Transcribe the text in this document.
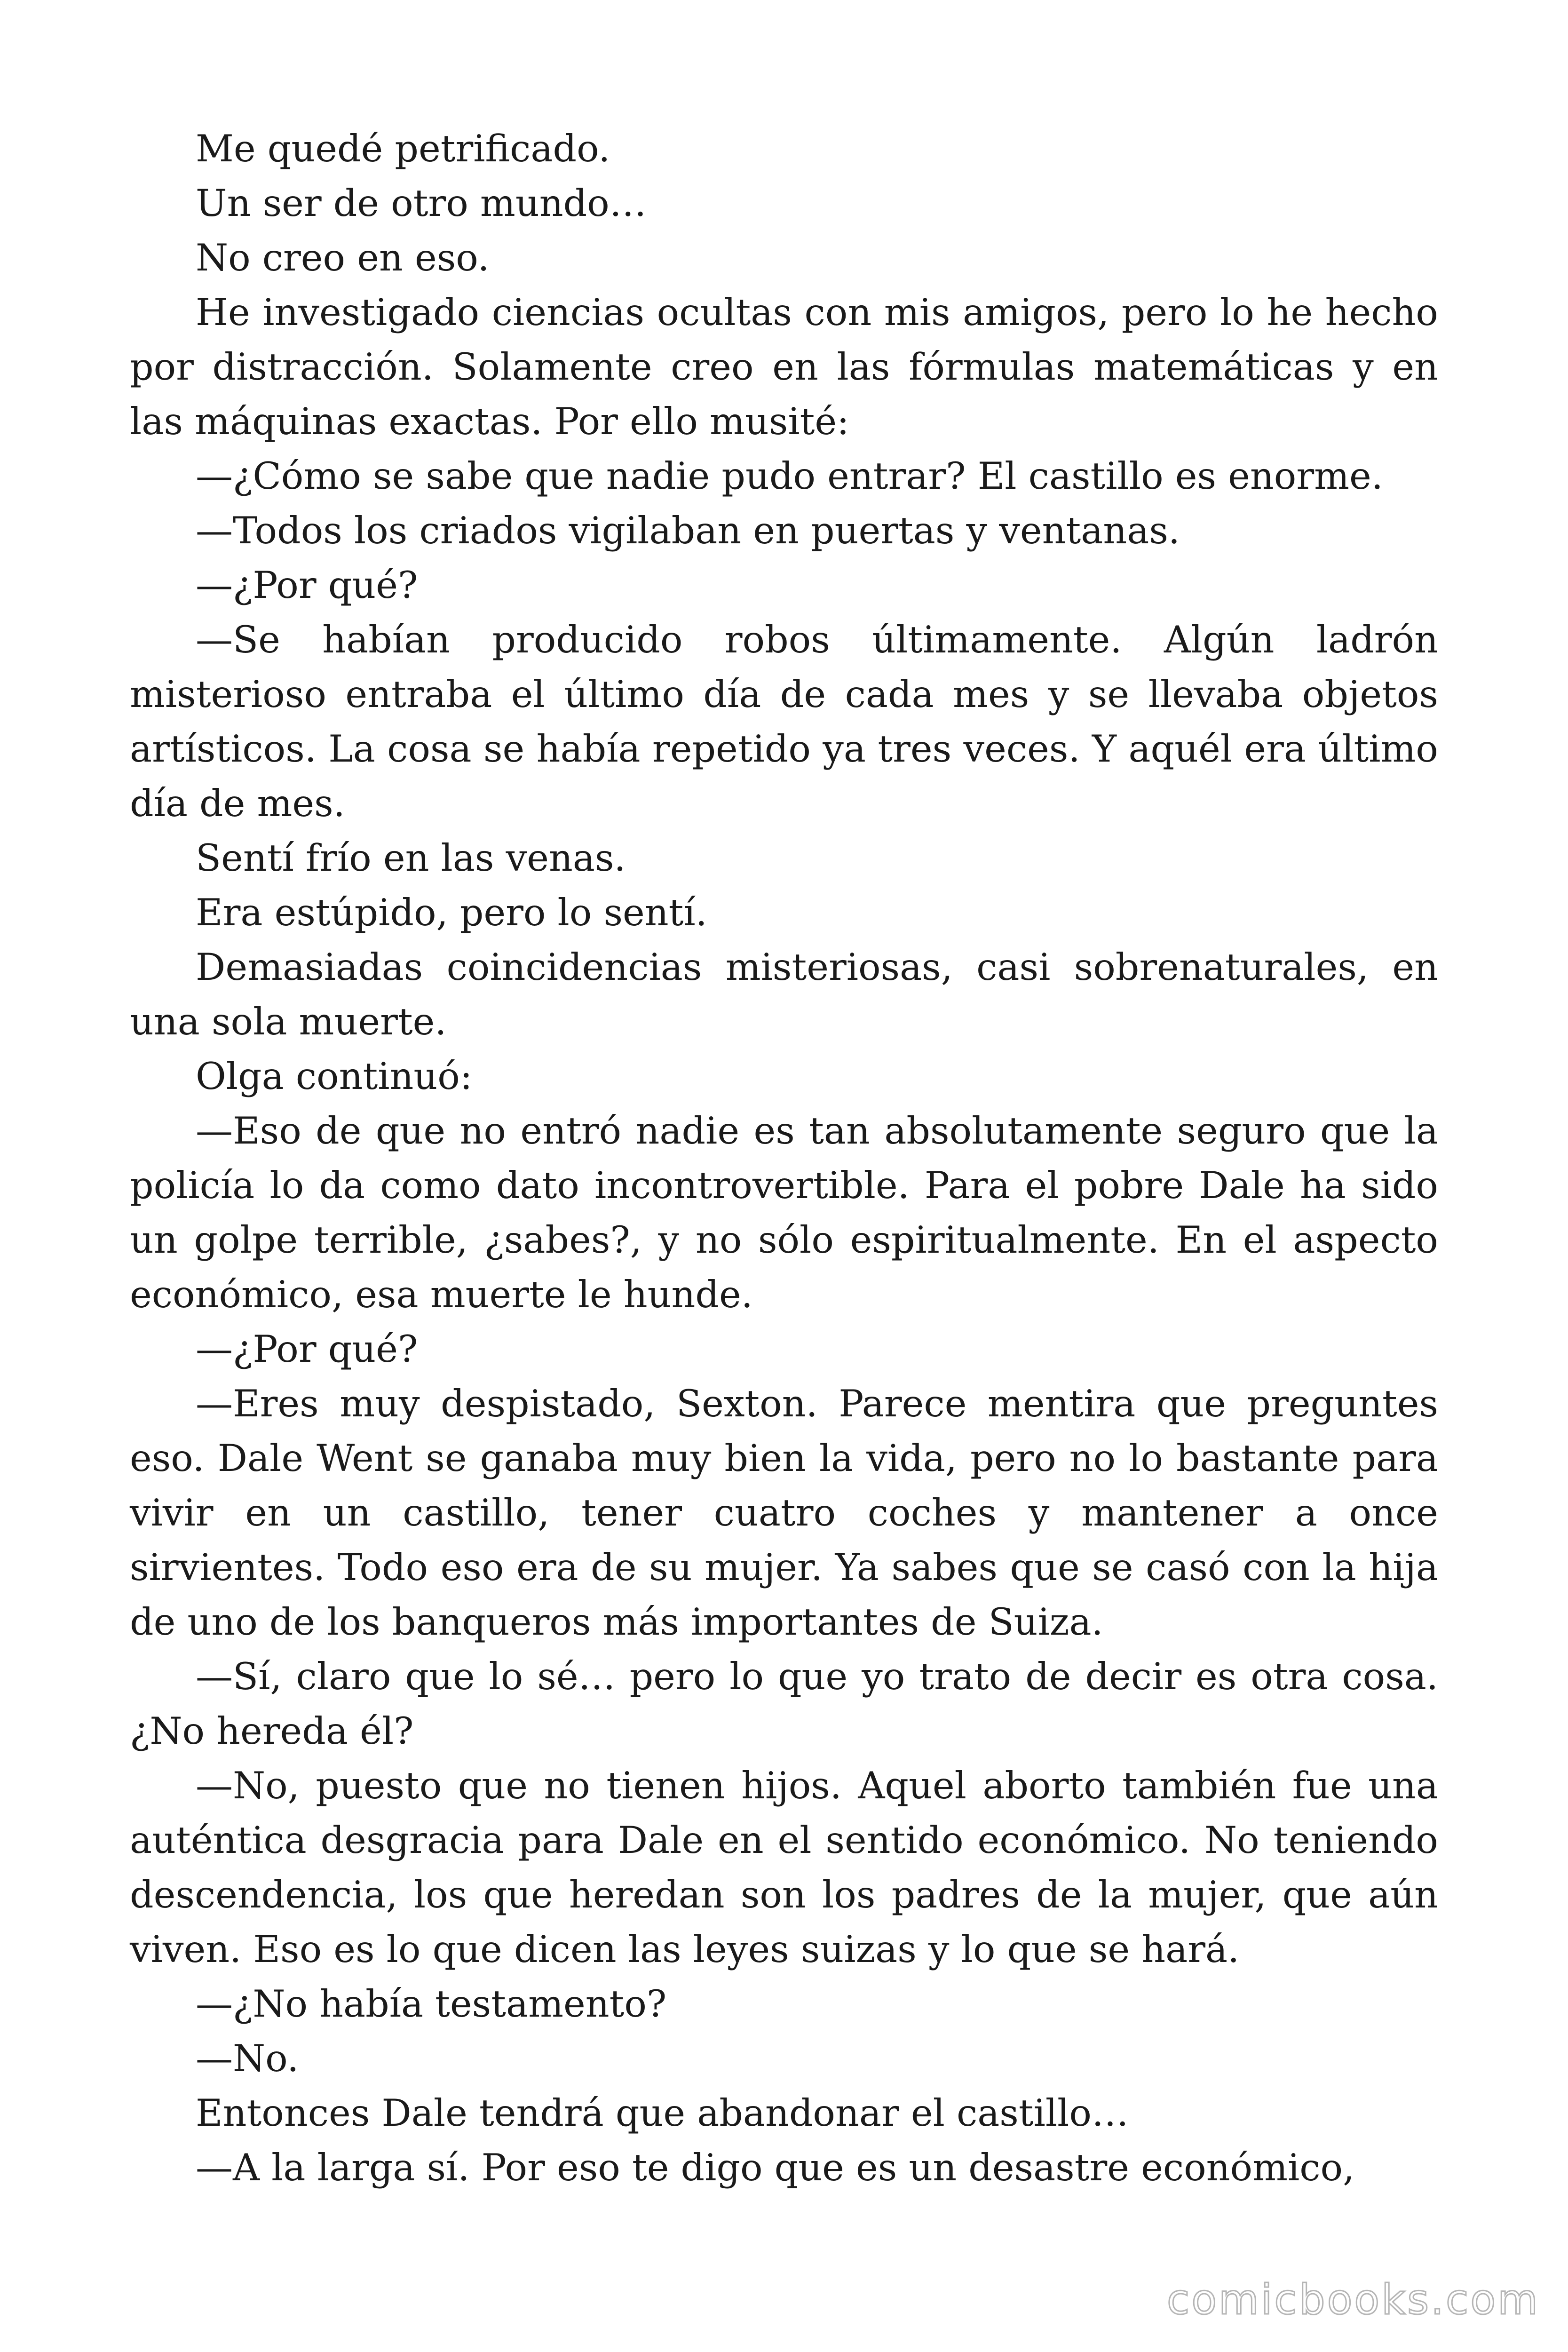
Me quedé petrificado.

Un ser de otro mundo…

No creo en eso.

He investigado ciencias ocultas con mis amigos, pero lo he hecho por distracción. Solamente creo en las fórmulas matemáticas y en las máquinas exactas. Por ello musité:

—¿Cómo se sabe que nadie pudo entrar? El castillo es enorme.

—Todos los criados vigilaban en puertas y ventanas.

—¿Por qué?

—Se habían producido robos últimamente. Algún ladrón misterioso entraba el último día de cada mes y se llevaba objetos artísticos. La cosa se había repetido ya tres veces. Y aquél era último día de mes.

Sentí frío en las venas.

Era estúpido, pero lo sentí.

Demasiadas coincidencias misteriosas, casi sobrenaturales, en una sola muerte.

Olga continuó:

—Eso de que no entró nadie es tan absolutamente seguro que la policía lo da como dato incontrovertible. Para el pobre Dale ha sido un golpe terrible, ¿sabes?, y no sólo espiritualmente. En el aspecto económico, esa muerte le hunde.

—¿Por qué?

—Eres muy despistado, Sexton. Parece mentira que preguntes eso. Dale Went se ganaba muy bien la vida, pero no lo bastante para vivir en un castillo, tener cuatro coches y mantener a once sirvientes. Todo eso era de su mujer. Ya sabes que se casó con la hija de uno de los banqueros más importantes de Suiza.

—Sí, claro que lo sé… pero lo que yo trato de decir es otra cosa. ¿No hereda él?

—No, puesto que no tienen hijos. Aquel aborto también fue una auténtica desgracia para Dale en el sentido económico. No teniendo descendencia, los que heredan son los padres de la mujer, que aún viven. Eso es lo que dicen las leyes suizas y lo que se hará.

—¿No había testamento?

—No.

Entonces Dale tendrá que abandonar el castillo…

—A la larga sí. Por eso te digo que es un desastre económico,

comicbooks.com
